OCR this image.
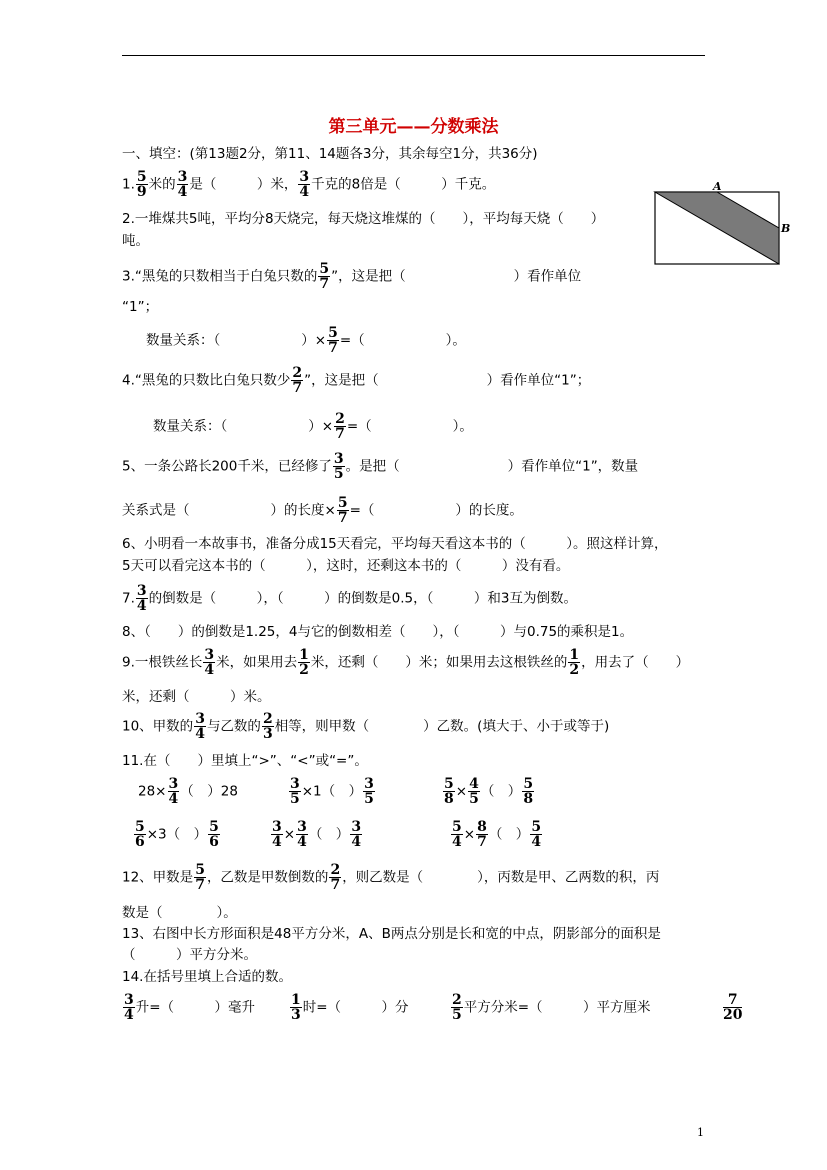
第三单元——分数乘法
一、填空：(第13题2分，第11、14题各3分，其余每空1分，共36分)
1. $\frac{5}{9}$ 米的 $\frac{3}{4}$ 是（　　　）米， $\frac{3}{4}$ 千克的8倍是（　　　）千克。	A
B
2.一堆煤共5吨，平均分8天烧完，每天烧这堆煤的（　　），平均每天烧（　　）
吨。
3.“黑兔的只数相当于白兔只数的 $\frac{5}{7}$ ”，这是把（　　　　　　　　）看作单位
“1”；
数量关系：（　　　　　　）× $\frac{5}{7}$ =（　　　　　　）。
4.“黑兔的只数比白兔只数少 $\frac{2}{7}$ ”，这是把（　　　　　　　　）看作单位“1”；
数量关系：（　　　　　　）× $\frac{2}{7}$ =（　　　　　　）。
5、一条公路长200千米，已经修了 $\frac{3}{5}$ 。是把（　　　　　　　　）看作单位“1”，数量
关系式是（　　　　　　）的长度× $\frac{5}{7}$ =（　　　　　　）的长度。
6、小明看一本故事书，准备分成15天看完，平均每天看这本书的（　　　）。照这样计算，
5天可以看完这本书的（　　　），这时，还剩这本书的（　　　）没有看。
7. $\frac{3}{4}$ 的倒数是（　　　），（　　　）的倒数是0.5，（　　　）和3互为倒数。
8、（　　）的倒数是1.25，4与它的倒数相差（　　），（　　　）与0.75的乘积是1。
9.一根铁丝长 $\frac{3}{4}$ 米，如果用去 $\frac{1}{2}$ 米，还剩（　　）米；如果用去这根铁丝的 $\frac{1}{2}$ ，用去了（　　）
米，还剩（　　　）米。
10、甲数的 $\frac{3}{4}$ 与乙数的 $\frac{2}{3}$ 相等，则甲数（　　　　）乙数。(填大于、小于或等于)
11.在（　　）里填上“>”、“<”或“=”。
$28\times \frac{3}{4}$ （　）28	$\frac{3}{5} \times 1$（　） $\frac{3}{5}$	$\frac{5}{8} \times \frac{4}{5}$ （　） $\frac{5}{8}$
$\frac{5}{6} \times 3$（　） $\frac{5}{6}$	$\frac{3}{4} \times \frac{3}{4}$ （　） $\frac{3}{4}$	$\frac{5}{4} \times \frac{8}{7}$ （　） $\frac{5}{4}$
12、甲数是 $\frac{5}{7}$ ，乙数是甲数倒数的 $\frac{2}{7}$ ，则乙数是（　　　　），丙数是甲、乙两数的积，丙
数是（　　　　）。
13、右图中长方形面积是48平方分米，A、B两点分别是长和宽的中点，阴影部分的面积是
（　　　）平方分米。
14.在括号里填上合适的数。
$\frac{3}{4}$ 升=（　　　）毫升 $\frac{1}{3}$ 时=（　　　）分	$\frac{2}{5}$ 平方分米=（　　　）平方厘米	$\frac{7}{20}$
1
